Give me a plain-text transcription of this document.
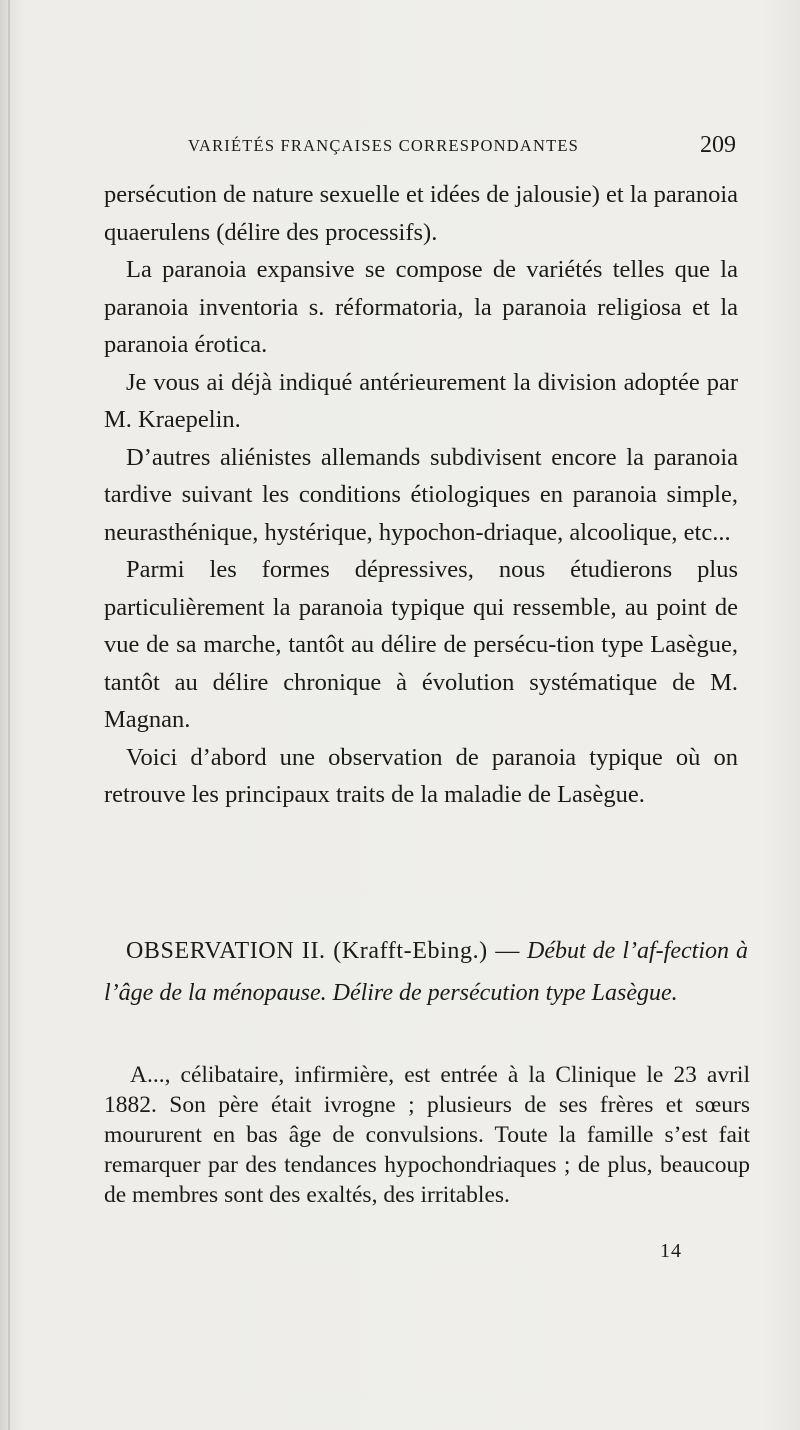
VARIÉTÉS FRANÇAISES CORRESPONDANTES	209

persécution de nature sexuelle et idées de jalousie) et la paranoia quaerulens (délire des processifs).

La paranoia expansive se compose de variétés telles que la paranoia inventoria s. réformatoria, la paranoia religiosa et la paranoia érotica.

Je vous ai déjà indiqué antérieurement la division adoptée par M. Kraepelin.

D’autres aliénistes allemands subdivisent encore la paranoia tardive suivant les conditions étiologiques en paranoia simple, neurasthénique, hystérique, hypochon-driaque, alcoolique, etc...

Parmi les formes dépressives, nous étudierons plus particulièrement la paranoia typique qui ressemble, au point de vue de sa marche, tantôt au délire de persécu-tion type Lasègue, tantôt au délire chronique à évolution systématique de M. Magnan.

Voici d’abord une observation de paranoia typique où on retrouve les principaux traits de la maladie de Lasègue.

OBSERVATION II. (Krafft-Ebing.) — Début de l’af-fection à l’âge de la ménopause. Délire de persécution type Lasègue.

A..., célibataire, infirmière, est entrée à la Clinique le 23 avril 1882. Son père était ivrogne ; plusieurs de ses frères et sœurs moururent en bas âge de convulsions. Toute la famille s’est fait remarquer par des tendances hypochondriaques ; de plus, beaucoup de membres sont des exaltés, des irritables.

14
